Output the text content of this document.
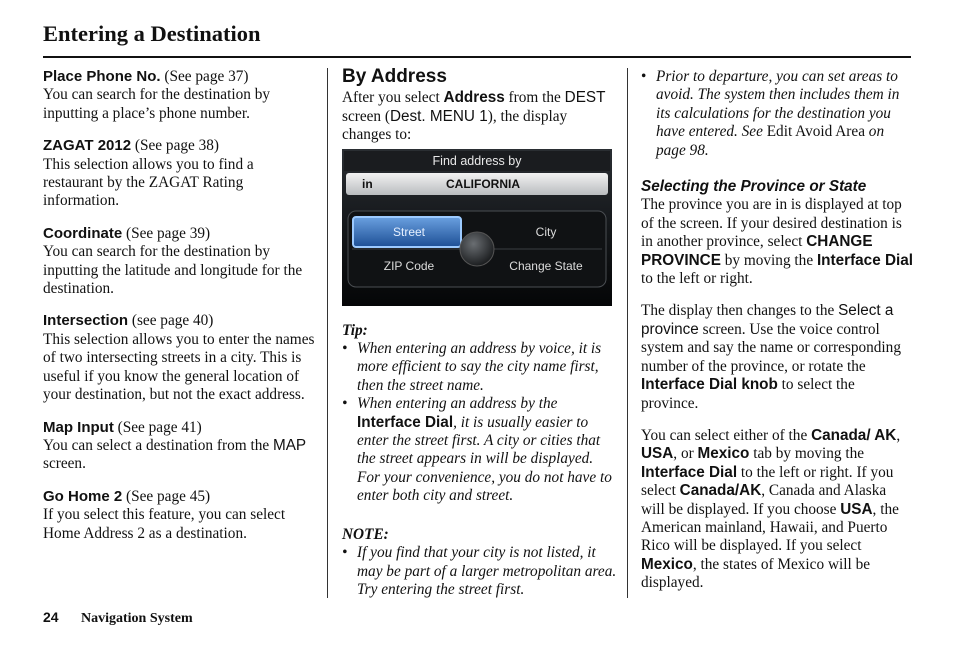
Entering a Destination
Place Phone No. (See page 37)
You can search for the destination by inputting a place’s phone number.
ZAGAT 2012 (See page 38)
This selection allows you to find a restaurant by the ZAGAT Rating information.
Coordinate (See page 39)
You can search for the destination by inputting the latitude and longitude for the destination.
Intersection (see page 40)
This selection allows you to enter the names of two intersecting streets in a city. This is useful if you know the general location of your destination, but not the exact address.
Map Input (See page 41)
You can select a destination from the MAP screen.
Go Home 2 (See page 45)
If you select this feature, you can select Home Address 2 as a destination.
By Address
After you select Address from the DEST screen (Dest. MENU 1), the display changes to:
Find address by
in	CALIFORNIA
Street	City
ZIP Code	Change State
Tip:
• When entering an address by voice, it is more efficient to say the city name first, then the street name.
• When entering an address by the Interface Dial, it is usually easier to enter the street first. A city or cities that the street appears in will be displayed. For your convenience, you do not have to enter both city and street.
NOTE:
• If you find that your city is not listed, it may be part of a larger metropolitan area. Try entering the street first.
• Prior to departure, you can set areas to avoid. The system then includes them in its calculations for the destination you have entered. See Edit Avoid Area on page 98.
Selecting the Province or State
The province you are in is displayed at top of the screen. If your desired destination is in another province, select CHANGE PROVINCE by moving the Interface Dial to the left or right.
The display then changes to the Select a province screen. Use the voice control system and say the name or corresponding number of the province, or rotate the Interface Dial knob to select the province.
You can select either of the Canada/ AK, USA, or Mexico tab by moving the Interface Dial to the left or right. If you select Canada/AK, Canada and Alaska will be displayed. If you choose USA, the American mainland, Hawaii, and Puerto Rico will be displayed. If you select Mexico, the states of Mexico will be displayed.
24 Navigation System
